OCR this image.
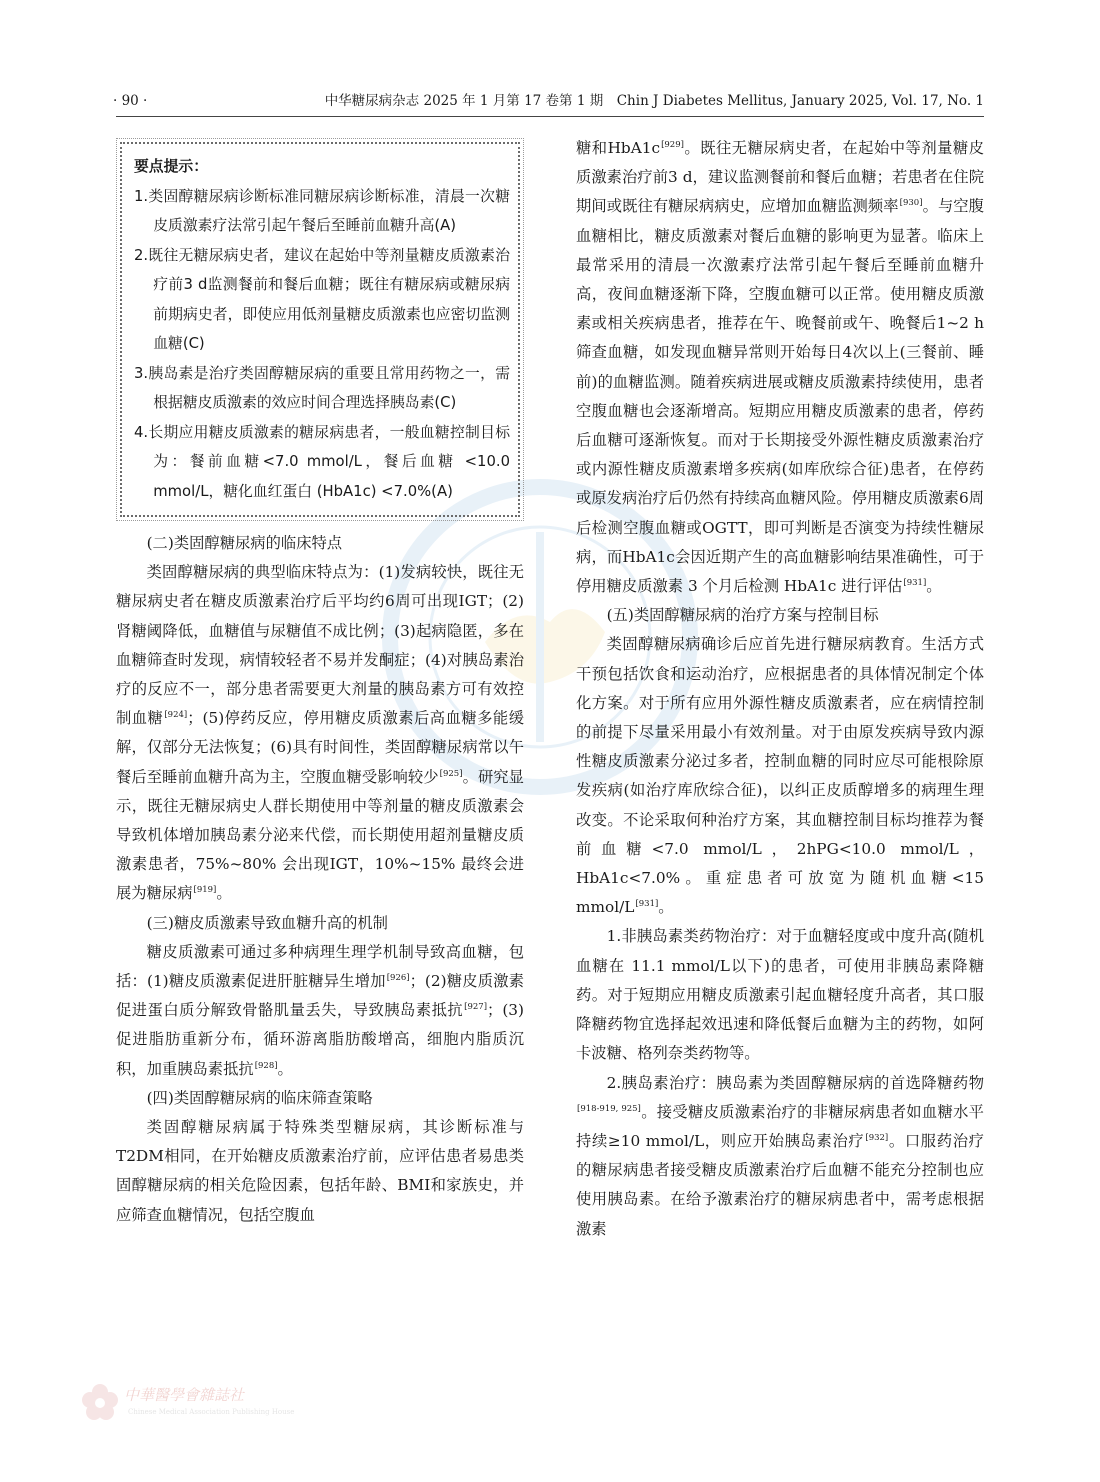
· 90 ·	中华糖尿病杂志 2025 年 1 月第 17 卷第 1 期　Chin J Diabetes Mellitus, January 2025, Vol. 17, No. 1
要点提示：
1.类固醇糖尿病诊断标准同糖尿病诊断标准，清晨一次糖皮质激素疗法常引起午餐后至睡前血糖升高(A)
2.既往无糖尿病史者，建议在起始中等剂量糖皮质激素治疗前3 d监测餐前和餐后血糖；既往有糖尿病或糖尿病前期病史者，即使应用低剂量糖皮质激素也应密切监测血糖(C)
3.胰岛素是治疗类固醇糖尿病的重要且常用药物之一，需根据糖皮质激素的效应时间合理选择胰岛素(C)
4.长期应用糖皮质激素的糖尿病患者，一般血糖控制目标为：餐前血糖<7.0 mmol/L，餐后血糖 <10.0 mmol/L，糖化血红蛋白 (HbA1c) <7.0%(A)

(二)类固醇糖尿病的临床特点

类固醇糖尿病的典型临床特点为：(1)发病较快，既往无糖尿病史者在糖皮质激素治疗后平均约6周可出现IGT；(2)肾糖阈降低，血糖值与尿糖值不成比例；(3)起病隐匿，多在血糖筛查时发现，病情较轻者不易并发酮症；(4)对胰岛素治疗的反应不一，部分患者需要更大剂量的胰岛素方可有效控制血糖[924]；(5)停药反应，停用糖皮质激素后高血糖多能缓解，仅部分无法恢复；(6)具有时间性，类固醇糖尿病常以午餐后至睡前血糖升高为主，空腹血糖受影响较少[925]。研究显示，既往无糖尿病史人群长期使用中等剂量的糖皮质激素会导致机体增加胰岛素分泌来代偿，而长期使用超剂量糖皮质激素患者，75%~80% 会出现IGT，10%~15% 最终会进展为糖尿病[919]。

(三)糖皮质激素导致血糖升高的机制

糖皮质激素可通过多种病理生理学机制导致高血糖，包括：(1)糖皮质激素促进肝脏糖异生增加[926]；(2)糖皮质激素促进蛋白质分解致骨骼肌量丢失，导致胰岛素抵抗[927]；(3)促进脂肪重新分布，循环游离脂肪酸增高，细胞内脂质沉积，加重胰岛素抵抗[928]。

(四)类固醇糖尿病的临床筛查策略

类固醇糖尿病属于特殊类型糖尿病，其诊断标准与T2DM相同，在开始糖皮质激素治疗前，应评估患者易患类固醇糖尿病的相关危险因素，包括年龄、BMI和家族史，并应筛查血糖情况，包括空腹血

糖和HbA1c[929]。既往无糖尿病史者，在起始中等剂量糖皮质激素治疗前3 d，建议监测餐前和餐后血糖；若患者在住院期间或既往有糖尿病病史，应增加血糖监测频率[930]。与空腹血糖相比，糖皮质激素对餐后血糖的影响更为显著。临床上最常采用的清晨一次激素疗法常引起午餐后至睡前血糖升高，夜间血糖逐渐下降，空腹血糖可以正常。使用糖皮质激素或相关疾病患者，推荐在午、晚餐前或午、晚餐后1~2 h筛查血糖，如发现血糖异常则开始每日4次以上(三餐前、睡前)的血糖监测。随着疾病进展或糖皮质激素持续使用，患者空腹血糖也会逐渐增高。短期应用糖皮质激素的患者，停药后血糖可逐渐恢复。而对于长期接受外源性糖皮质激素治疗或内源性糖皮质激素增多疾病(如库欣综合征)患者，在停药或原发病治疗后仍然有持续高血糖风险。停用糖皮质激素6周后检测空腹血糖或OGTT，即可判断是否演变为持续性糖尿病，而HbA1c会因近期产生的高血糖影响结果准确性，可于停用糖皮质激素 3 个月后检测 HbA1c 进行评估[931]。

(五)类固醇糖尿病的治疗方案与控制目标

类固醇糖尿病确诊后应首先进行糖尿病教育。生活方式干预包括饮食和运动治疗，应根据患者的具体情况制定个体化方案。对于所有应用外源性糖皮质激素者，应在病情控制的前提下尽量采用最小有效剂量。对于由原发疾病导致内源性糖皮质激素分泌过多者，控制血糖的同时应尽可能根除原发疾病(如治疗库欣综合征)，以纠正皮质醇增多的病理生理改变。不论采取何种治疗方案，其血糖控制目标均推荐为餐前血糖<7.0 mmol/L，2hPG<10.0 mmol/L，HbA1c<7.0%。重症患者可放宽为随机血糖<15 mmol/L[931]。

1.非胰岛素类药物治疗：对于血糖轻度或中度升高(随机血糖在 11.1 mmol/L以下)的患者，可使用非胰岛素降糖药。对于短期应用糖皮质激素引起血糖轻度升高者，其口服降糖药物宜选择起效迅速和降低餐后血糖为主的药物，如阿卡波糖、格列奈类药物等。

2.胰岛素治疗：胰岛素为类固醇糖尿病的首选降糖药物[918-919, 925]。接受糖皮质激素治疗的非糖尿病患者如血糖水平持续≥10 mmol/L，则应开始胰岛素治疗[932]。口服药治疗的糖尿病患者接受糖皮质激素治疗后血糖不能充分控制也应使用胰岛素。在给予激素治疗的糖尿病患者中，需考虑根据激素

中華醫學會雜誌社
Chinese Medical Association Publishing House
